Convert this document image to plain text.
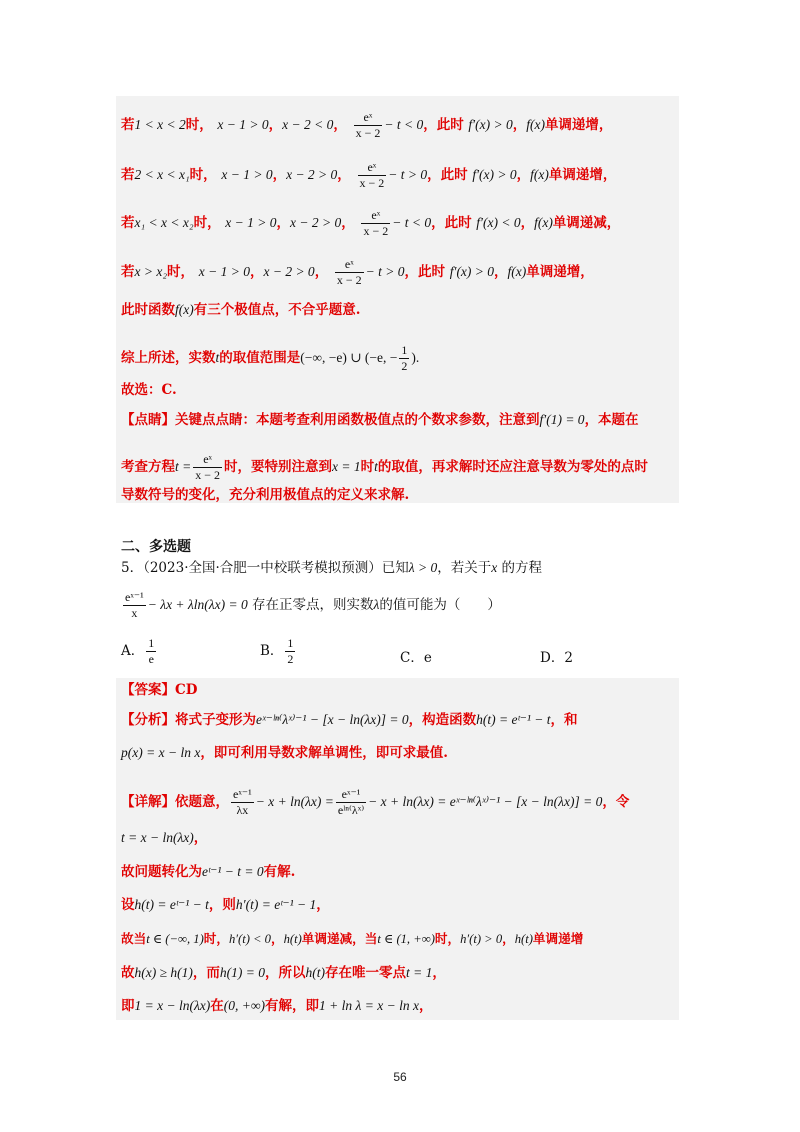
若1 < x < 2时， x − 1 > 0，x − 2 < 0， $\frac{\text{eˣ}}{x - 2} - t < 0$，此时 f′(x) > 0，f(x)单调递增，
若2 < x < x₁时， x − 1 > 0，x − 2 > 0， $\frac{\text{eˣ}}{x - 2} - t > 0$，此时 f′(x) > 0，f(x)单调递增，
若x₁ < x < x₂时， x − 1 > 0，x − 2 > 0， $\frac{\text{eˣ}}{x - 2} - t < 0$，此时 f′(x) < 0，f(x)单调递减，
若x > x₂时， x − 1 > 0，x − 2 > 0， $\frac{\text{eˣ}}{x - 2} - t > 0$，此时 f′(x) > 0，f(x)单调递增，
此时函数f(x)有三个极值点，不合乎题意.
综上所述，实数t的取值范围是(−∞, −e) ∪ (−e, − $\frac{1}{2}$ ).
故选：C.
【点睛】关键点点睛：本题考查利用函数极值点的个数求参数，注意到f′(1) = 0，本题在
考查方程$t = \frac{\text{eˣ}}{x - 2}$ 时，要特别注意到x = 1时t的取值，再求解时还应注意导数为零处的点时
导数符号的变化，充分利用极值点的定义来求解.
二、多选题
5．（2023·全国·合肥一中校联考模拟预测）已知λ > 0，若关于x 的方程
$\frac{\text{eˣ⁻¹}}{x} - \lambda x + \lambda\ln(\lambda x) = 0$ 存在正零点，则实数λ的值可能为（　　）
A． $\frac{1}{e}$	B． $\frac{1}{2}$	C．e	D．2
【答案】CD
【分析】将式子变形为eˣ⁻ˡⁿ⁽λˣ⁾⁻¹ − [x − ln(λx)] = 0，构造函数h(t) = eᵗ⁻¹ − t，和
p(x) = x − ln x，即可利用导数求解单调性，即可求最值.
【详解】依题意， $\frac{\text{eˣ⁻¹}}{\lambda x} - x + \ln(\lambda x) = \frac{\text{eˣ⁻¹}}{\text{eˡⁿ⁽λˣ⁾}} - x + \ln(\lambda x)$ = eˣ⁻ˡⁿ⁽λˣ⁾⁻¹ − [x − ln(λx)] = 0，令
t = x − ln(λx)，
故问题转化为eᵗ⁻¹ − t = 0有解.
设h(t) = eᵗ⁻¹ − t，则h′(t) = eᵗ⁻¹ − 1，
故当t ∈ (−∞, 1)时，h′(t) < 0，h(t)单调递减，当t ∈ (1, +∞)时，h′(t) > 0，h(t)单调递增
故h(x) ≥ h(1)，而h(1) = 0，所以h(t)存在唯一零点t = 1，
即1 = x − ln(λx)在(0, +∞)有解，即1 + ln λ = x − ln x，
56
